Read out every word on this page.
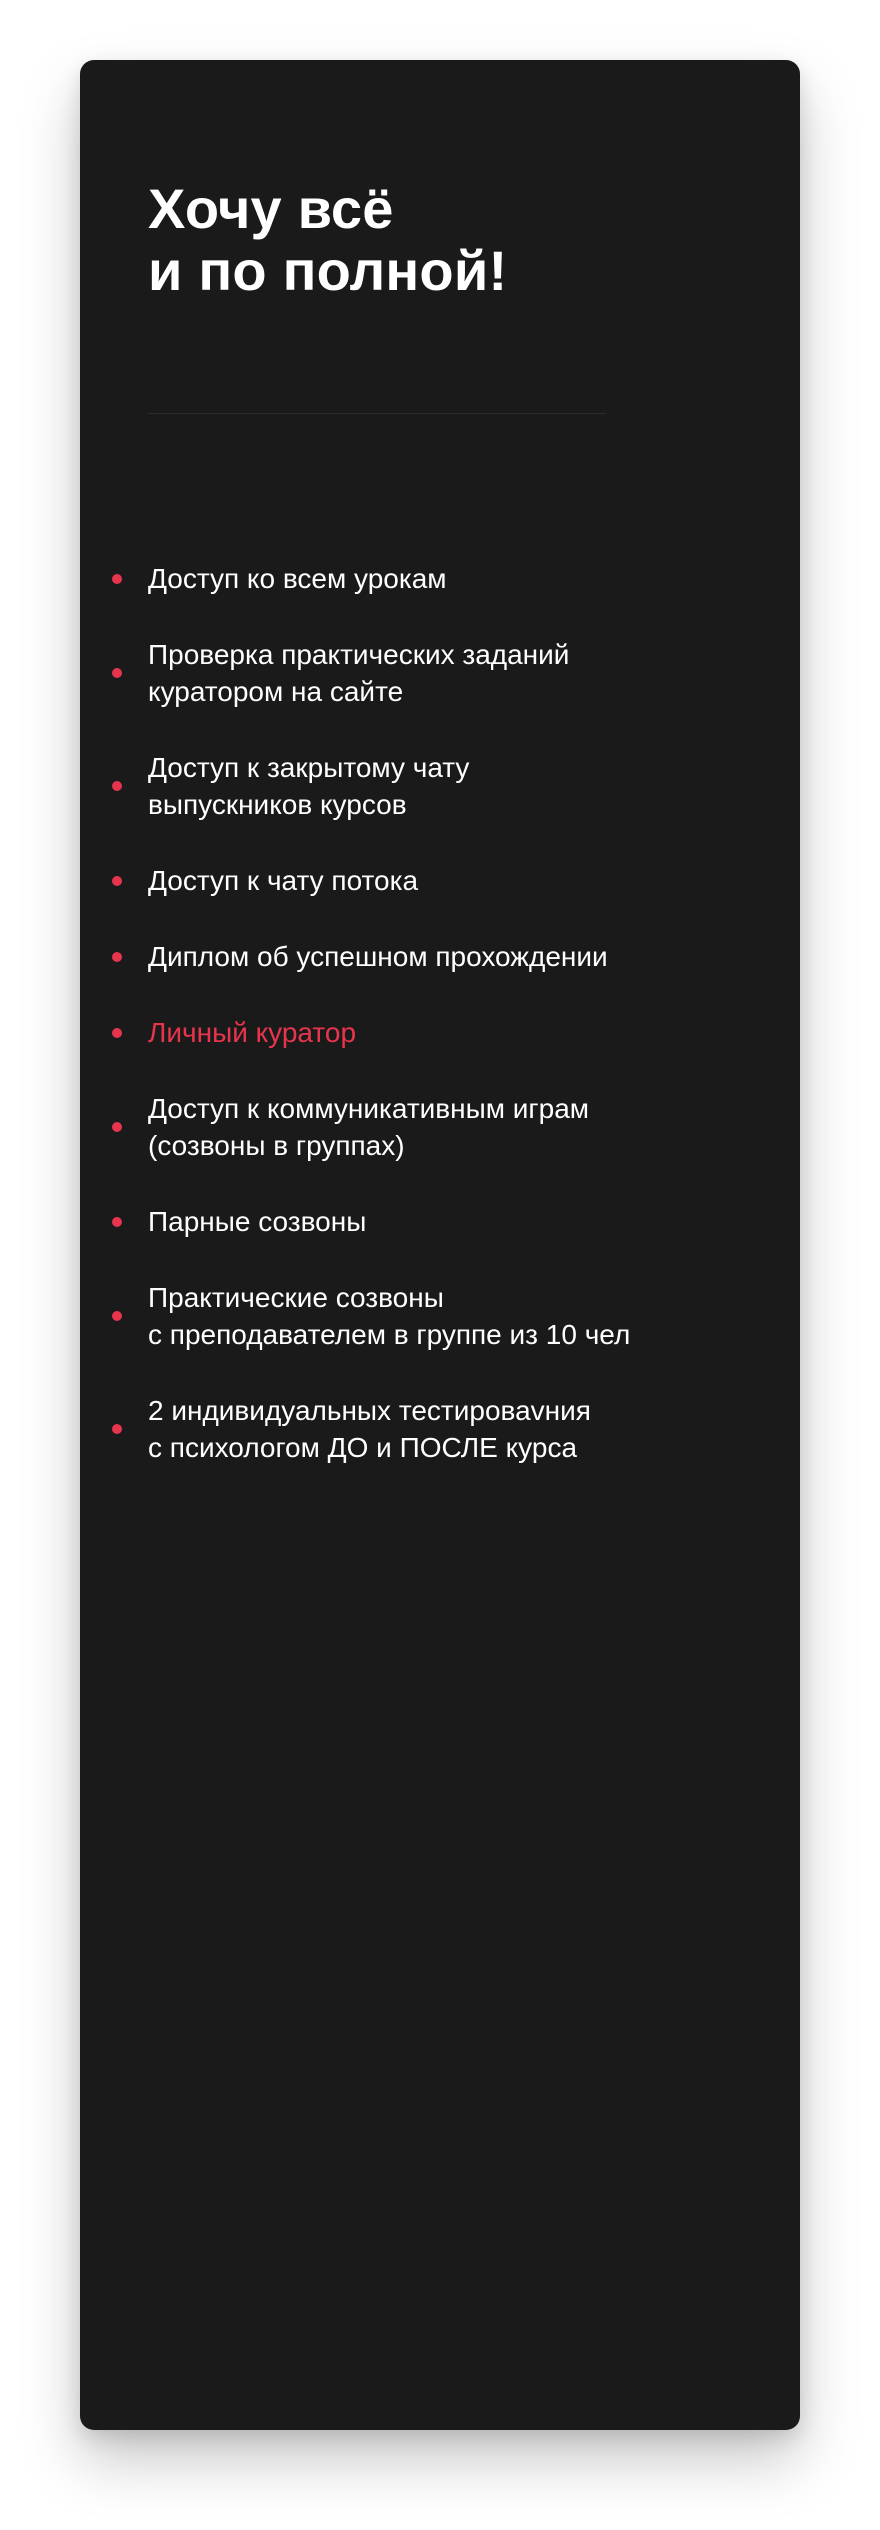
Хочу всё
и по полной!
Доступ ко всем урокам
Проверка практических заданий
куратором на сайте
Доступ к закрытому чату
выпускников курсов
Доступ к чату потока
Диплом об успешном прохождении
Личный куратор
Доступ к коммуникативным играм
(созвоны в группах)
Парные созвоны
Практические созвоны
с преподавателем в группе из 10 чел
2 индивидуальных тестироваvния
с психологом ДО и ПОСЛЕ курса
